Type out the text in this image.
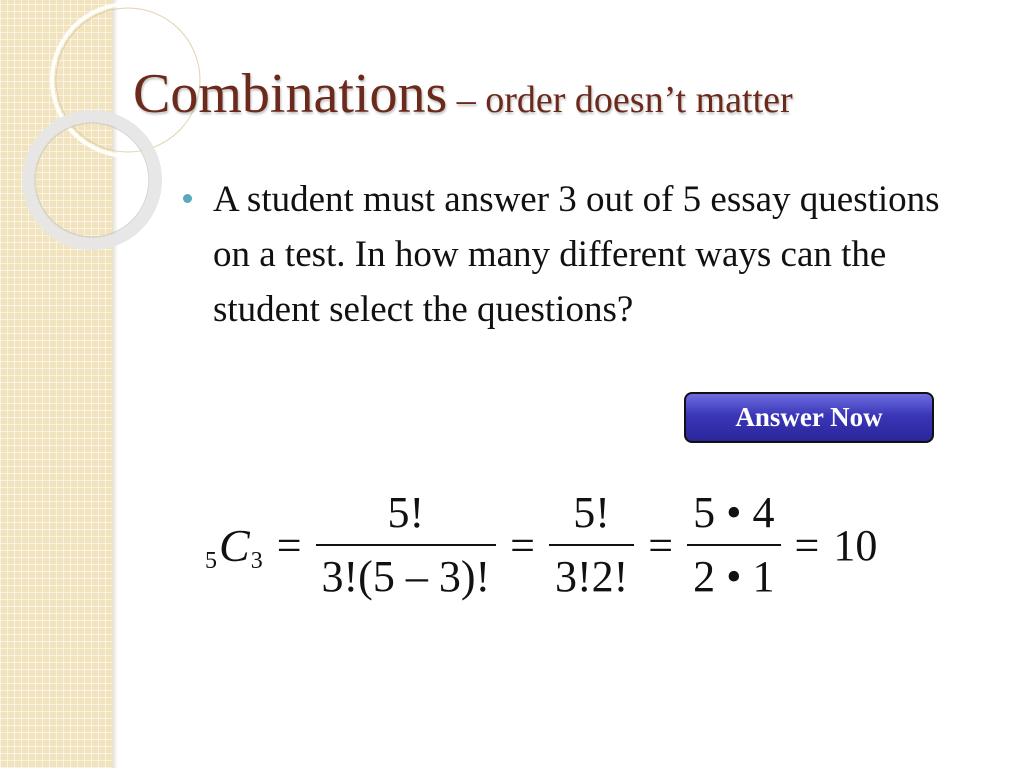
Combinations – order doesn’t matter
A student must answer 3 out of 5 essay questions on a test. In how many different ways can the student select the questions?
Answer Now
5 C $3 = \frac{5!}{3!(5 - 3)!} = \frac{5!}{3!2!} = \frac{5 • 4}{2 • 1} = 10$
